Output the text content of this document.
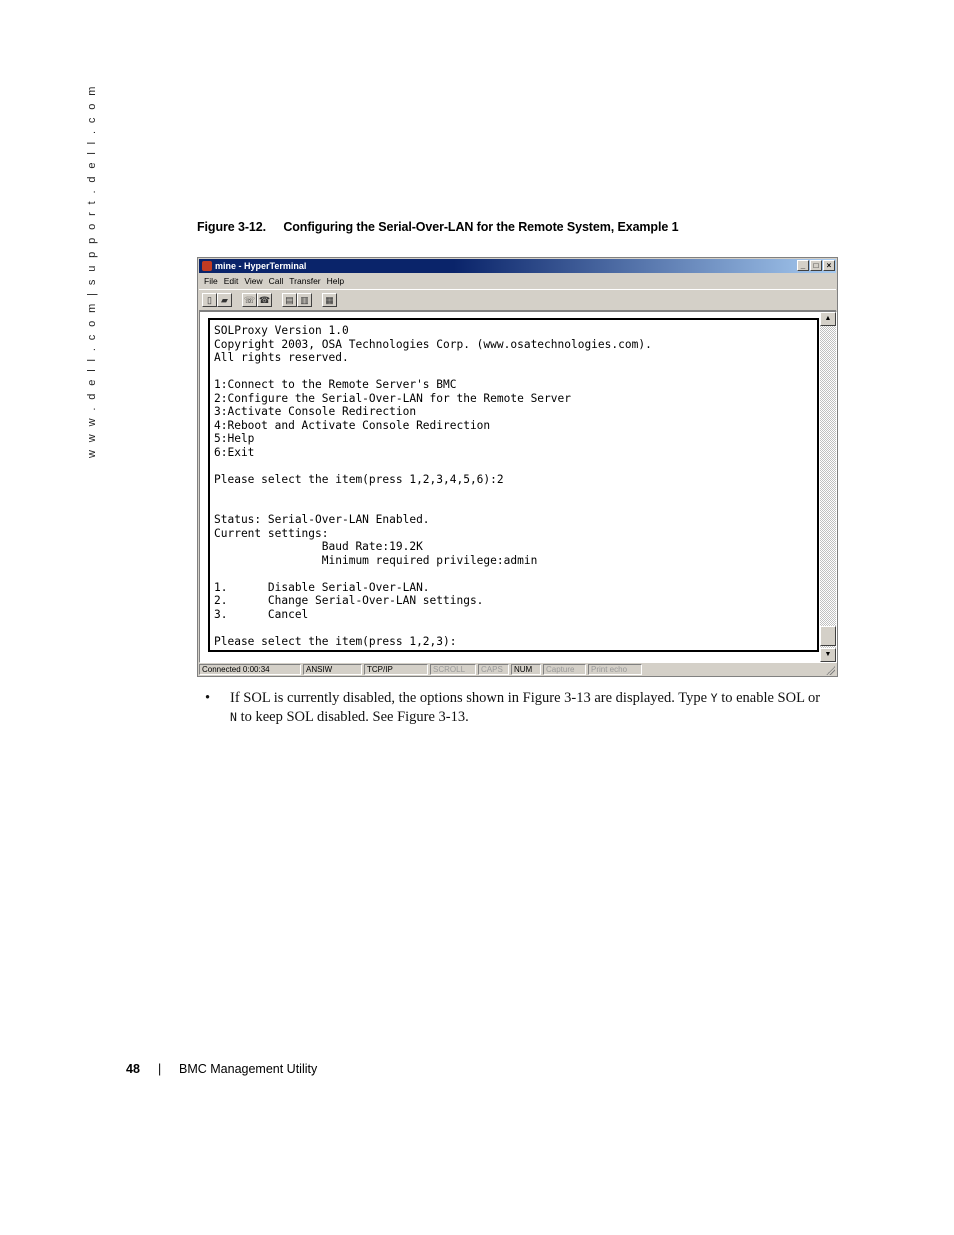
w w w . d e l l . c o m | s u p p o r t . d e l l . c o m	Figure 3-12. Configuring the Serial-Over-LAN for the Remote System, Example 1
mine - HyperTerminal	_	□	×
File Edit View Call Transfer Help
▯	▰	☏ ☎	▤ ▥	▦
SOLProxy Version 1.0
Copyright 2003, OSA Technologies Corp. (www.osatechnologies.com).
All rights reserved.

1:Connect to the Remote Server's BMC
2:Configure the Serial-Over-LAN for the Remote Server
3:Activate Console Redirection
4:Reboot and Activate Console Redirection
5:Help
6:Exit

Please select the item(press 1,2,3,4,5,6):2

Status: Serial-Over-LAN Enabled.
Current settings:
Baud Rate:19.2K
Minimum required privilege:admin

1.      Disable Serial-Over-LAN.
2.      Change Serial-Over-LAN settings.
3.      Cancel

Please select the item(press 1,2,3):
▲
▼
Connected 0:00:34	ANSIW	TCP/IP	SCROLL	CAPS	NUM	Capture	Print echo
• If SOL is currently disabled, the options shown in Figure 3-13 are displayed. Type Y to enable SOL or N to keep SOL disabled. See Figure 3-13.
48 | BMC Management Utility
